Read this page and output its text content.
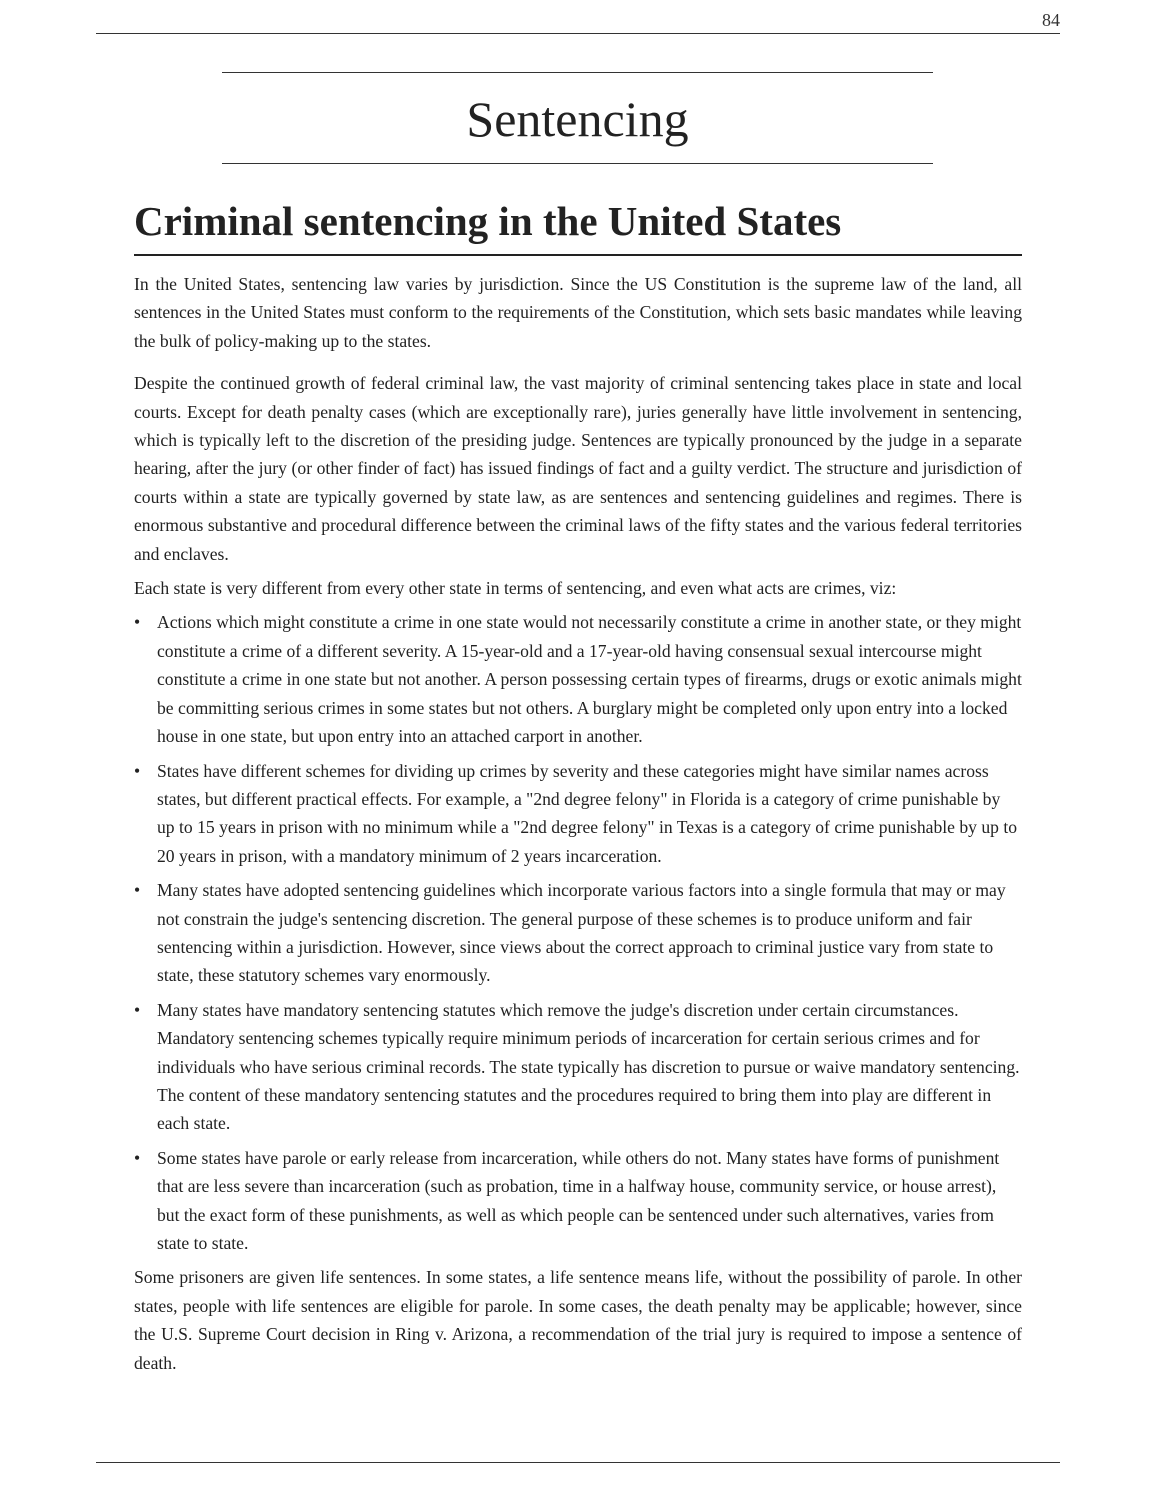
84
Sentencing
Criminal sentencing in the United States

In the United States, sentencing law varies by jurisdiction. Since the US Constitution is the supreme law of the land, all sentences in the United States must conform to the requirements of the Constitution, which sets basic mandates while leaving the bulk of policy-making up to the states.

Despite the continued growth of federal criminal law, the vast majority of criminal sentencing takes place in state and local courts. Except for death penalty cases (which are exceptionally rare), juries generally have little involvement in sentencing, which is typically left to the discretion of the presiding judge. Sentences are typically pronounced by the judge in a separate hearing, after the jury (or other finder of fact) has issued findings of fact and a guilty verdict. The structure and jurisdiction of courts within a state are typically governed by state law, as are sentences and sentencing guidelines and regimes. There is enormous substantive and procedural difference between the criminal laws of the fifty states and the various federal territories and enclaves.

Each state is very different from every other state in terms of sentencing, and even what acts are crimes, viz:

• Actions which might constitute a crime in one state would not necessarily constitute a crime in another state, or they might constitute a crime of a different severity. A 15-year-old and a 17-year-old having consensual sexual intercourse might constitute a crime in one state but not another. A person possessing certain types of firearms, drugs or exotic animals might be committing serious crimes in some states but not others. A burglary might be completed only upon entry into a locked house in one state, but upon entry into an attached carport in another.
• States have different schemes for dividing up crimes by severity and these categories might have similar names across states, but different practical effects. For example, a "2nd degree felony" in Florida is a category of crime punishable by up to 15 years in prison with no minimum while a "2nd degree felony" in Texas is a category of crime punishable by up to 20 years in prison, with a mandatory minimum of 2 years incarceration.
• Many states have adopted sentencing guidelines which incorporate various factors into a single formula that may or may not constrain the judge's sentencing discretion. The general purpose of these schemes is to produce uniform and fair sentencing within a jurisdiction. However, since views about the correct approach to criminal justice vary from state to state, these statutory schemes vary enormously.
• Many states have mandatory sentencing statutes which remove the judge's discretion under certain circumstances. Mandatory sentencing schemes typically require minimum periods of incarceration for certain serious crimes and for individuals who have serious criminal records. The state typically has discretion to pursue or waive mandatory sentencing. The content of these mandatory sentencing statutes and the procedures required to bring them into play are different in each state.
• Some states have parole or early release from incarceration, while others do not. Many states have forms of punishment that are less severe than incarceration (such as probation, time in a halfway house, community service, or house arrest), but the exact form of these punishments, as well as which people can be sentenced under such alternatives, varies from state to state.

Some prisoners are given life sentences. In some states, a life sentence means life, without the possibility of parole. In other states, people with life sentences are eligible for parole. In some cases, the death penalty may be applicable; however, since the U.S. Supreme Court decision in Ring v. Arizona, a recommendation of the trial jury is required to impose a sentence of death.
